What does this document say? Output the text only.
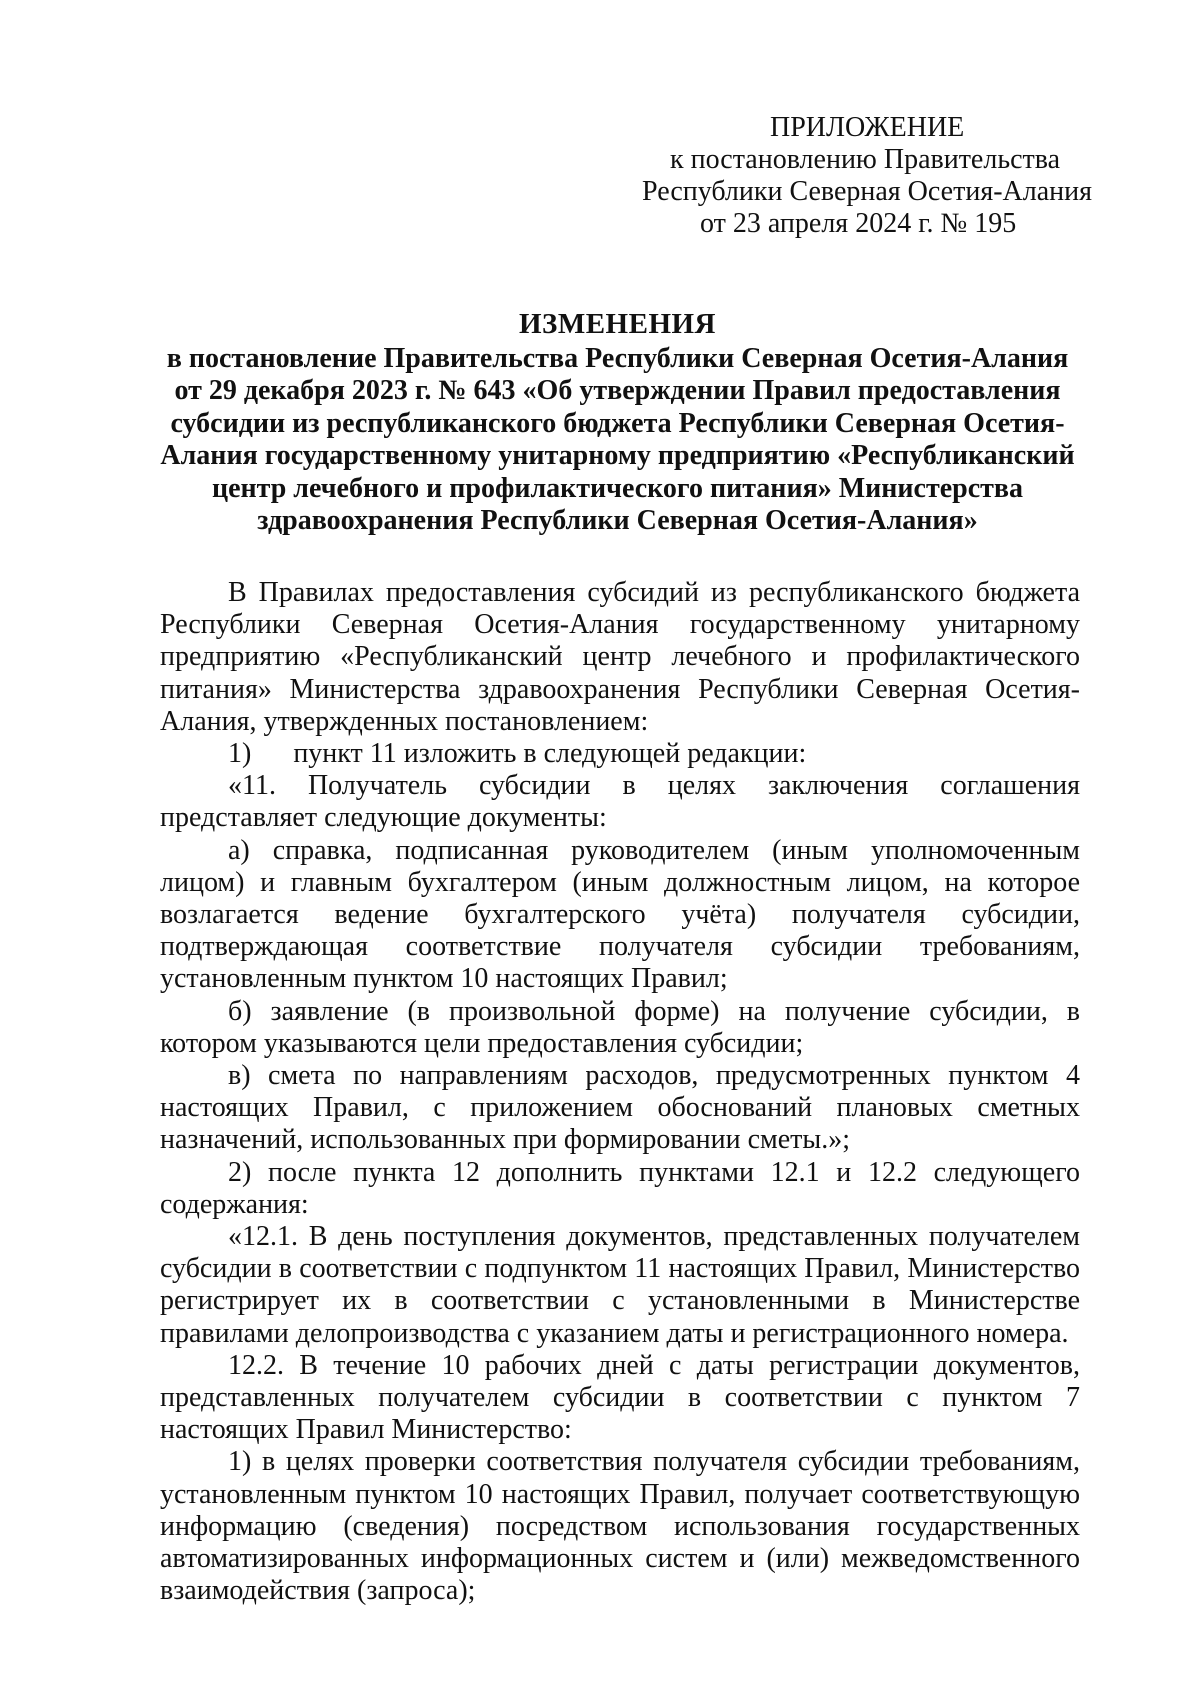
ПРИЛОЖЕНИЕ
к постановлению Правительства
Республики Северная Осетия-Алания
от 23 апреля 2024 г. № 195
ИЗМЕНЕНИЯ
в постановление Правительства Республики Северная Осетия-Алания
от 29 декабря 2023 г. № 643 «Об утверждении Правил предоставления
субсидии из республиканского бюджета Республики Северная Осетия-
Алания государственному унитарному предприятию «Республиканский
центр лечебного и профилактического питания» Министерства
здравоохранения Республики Северная Осетия-Алания»

В Правилах предоставления субсидий из республиканского бюджета Республики Северная Осетия-Алания государственному унитарному предприятию «Республиканский центр лечебного и профилактического питания» Министерства здравоохранения Республики Северная Осетия-Алания, утвержденных постановлением:

1)      пункт 11 изложить в следующей редакции:

«11. Получатель субсидии в целях заключения соглашения представляет следующие документы:

а) справка, подписанная руководителем (иным уполномоченным лицом) и главным бухгалтером (иным должностным лицом, на которое возлагается ведение бухгалтерского учёта) получателя субсидии, подтверждающая соответствие получателя субсидии требованиям, установленным пунктом 10 настоящих Правил;

б) заявление (в произвольной форме) на получение субсидии, в котором указываются цели предоставления субсидии;

в) смета по направлениям расходов, предусмотренных пунктом 4 настоящих Правил, с приложением обоснований плановых сметных назначений, использованных при формировании сметы.»;

2) после пункта 12 дополнить пунктами 12.1 и 12.2 следующего содержания:

«12.1. В день поступления документов, представленных получателем субсидии в соответствии с подпунктом 11 настоящих Правил, Министерство регистрирует их в соответствии с установленными в Министерстве правилами делопроизводства с указанием даты и регистрационного номера.

12.2. В течение 10 рабочих дней с даты регистрации документов, представленных получателем субсидии в соответствии с пунктом 7 настоящих Правил Министерство:

1) в целях проверки соответствия получателя субсидии требованиям, установленным пунктом 10 настоящих Правил, получает соответствующую информацию (сведения) посредством использования государственных автоматизированных информационных систем и (или) межведомственного взаимодействия (запроса);
